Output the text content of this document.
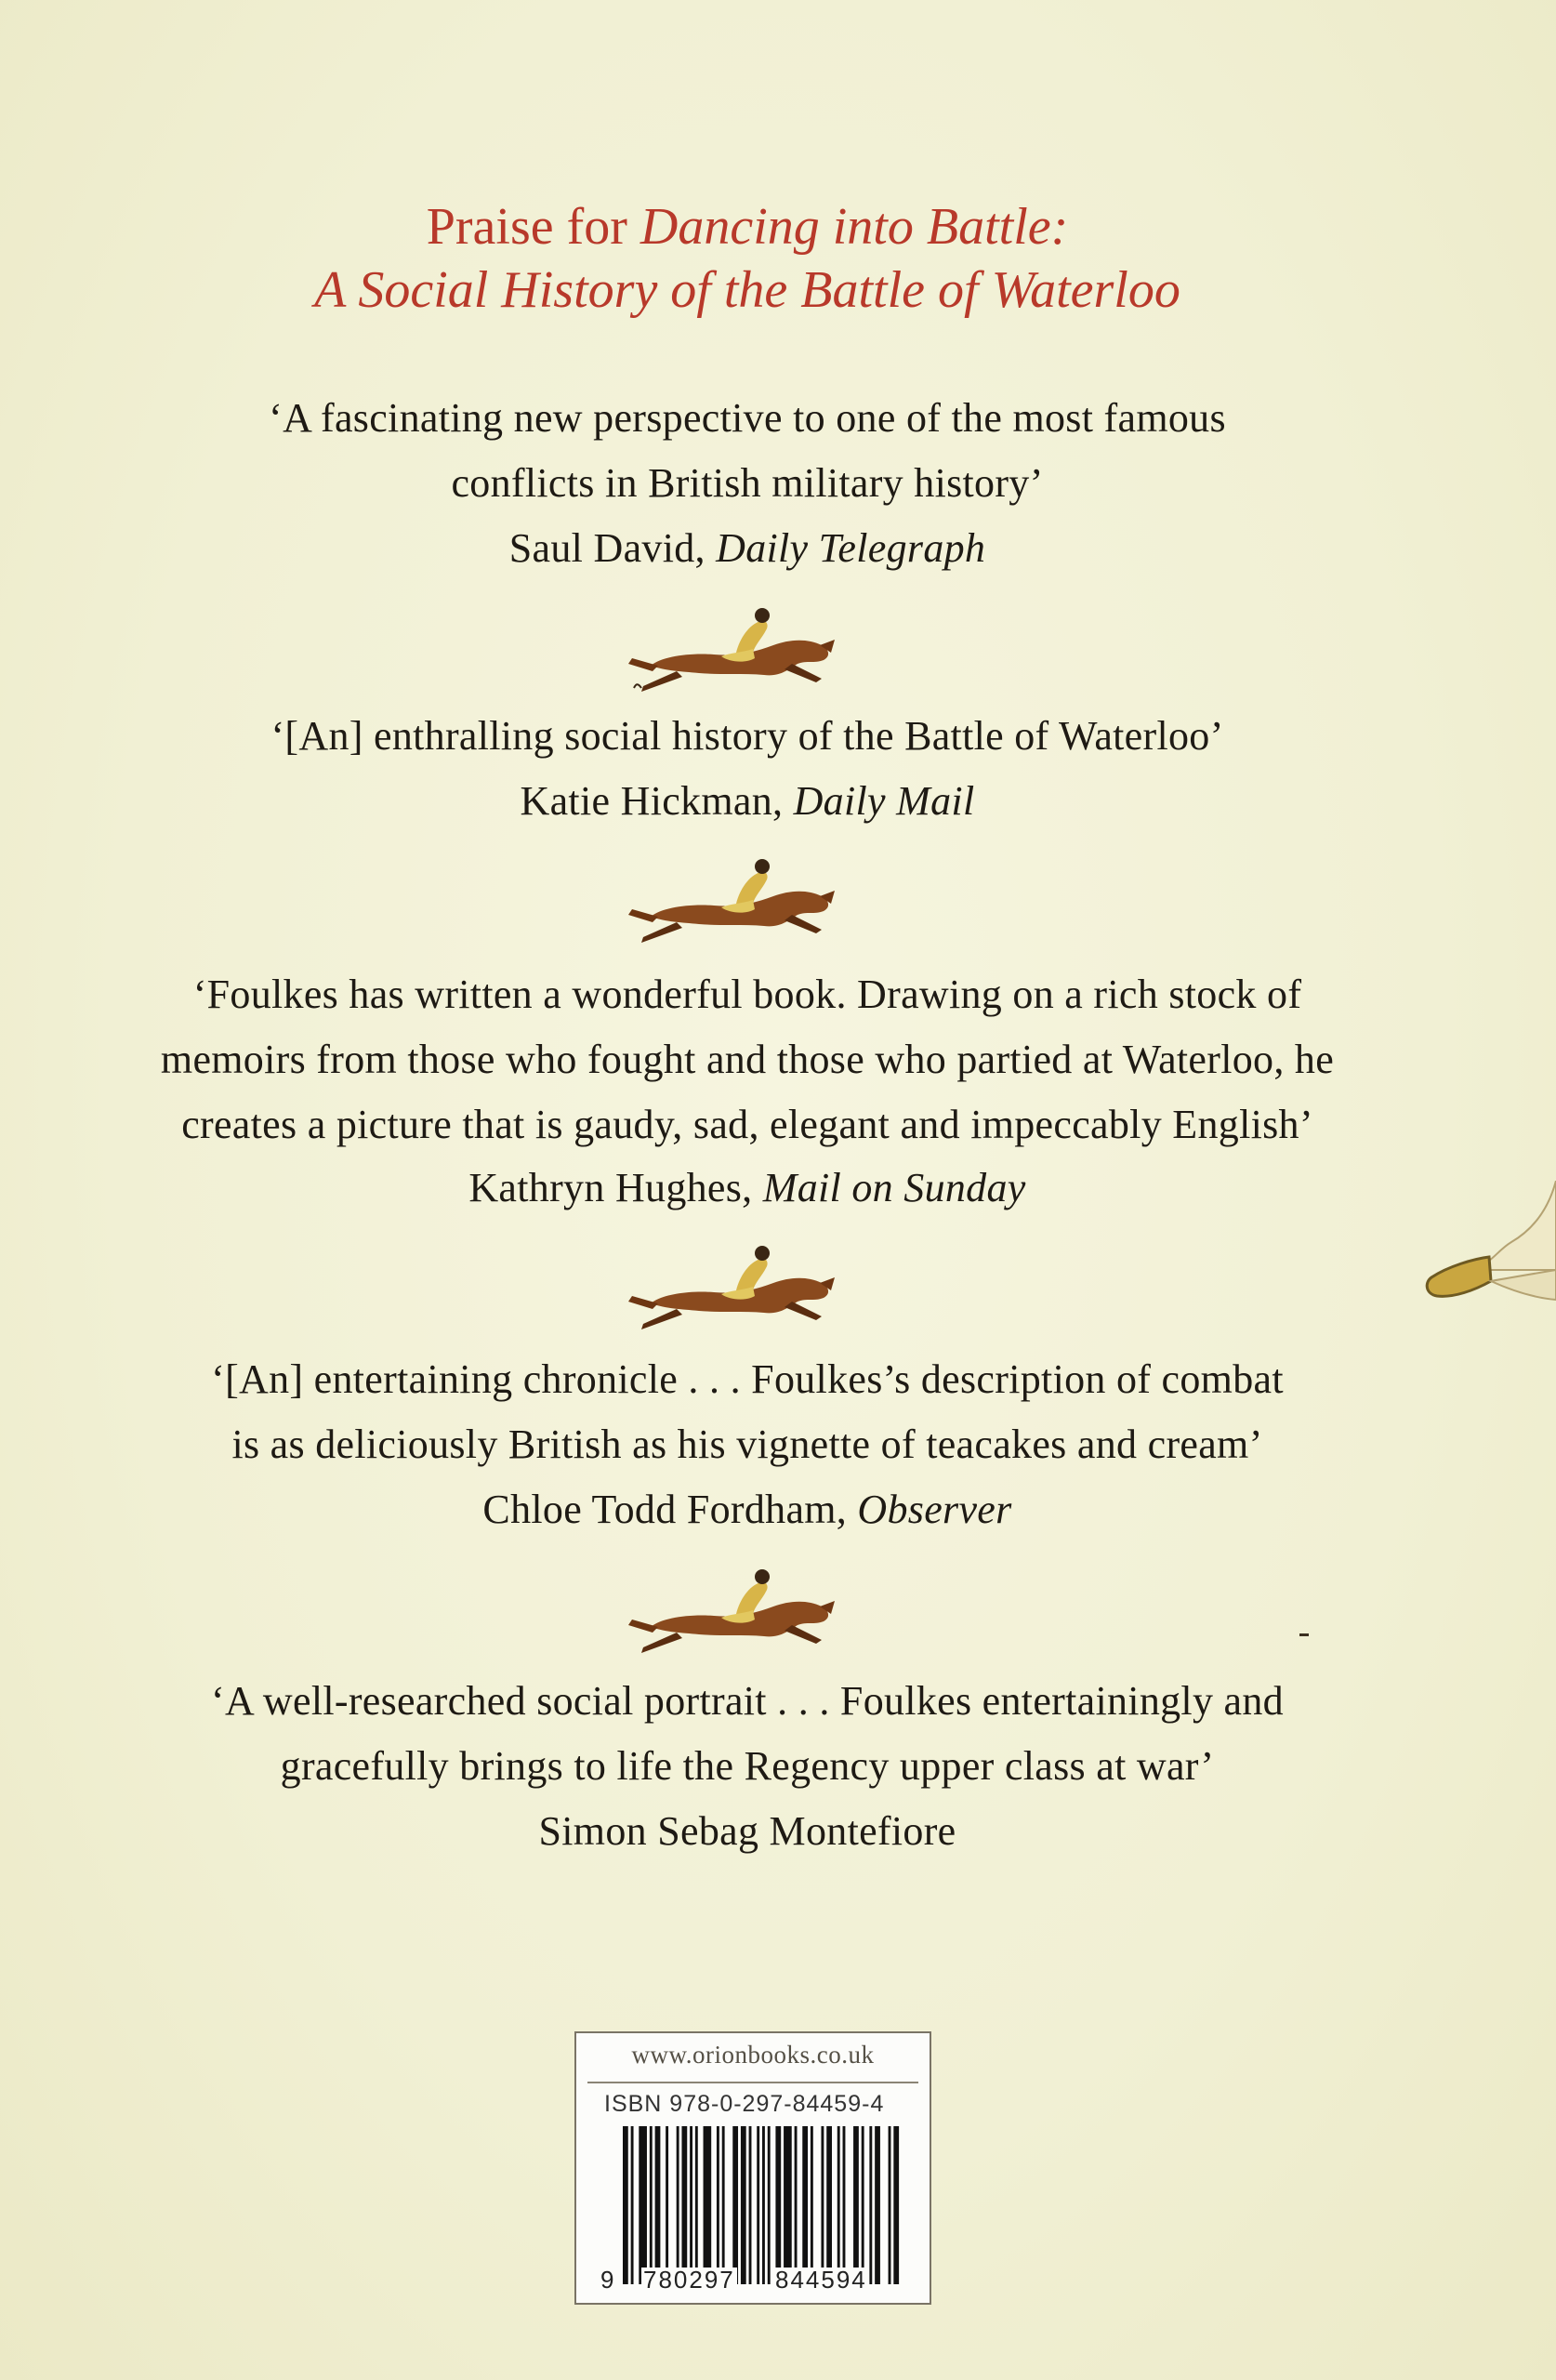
Praise for Dancing into Battle:
A Social History of the Battle of Waterloo
‘A fascinating new perspective to one of the most famous
conflicts in British military history’
Saul David, Daily Telegraph
‘[An] enthralling social history of the Battle of Waterloo’
Katie Hickman, Daily Mail
‘Foulkes has written a wonderful book. Drawing on a rich stock of
memoirs from those who fought and those who partied at Waterloo, he
creates a picture that is gaudy, sad, elegant and impeccably English’
Kathryn Hughes, Mail on Sunday
‘[An] entertaining chronicle . . . Foulkes’s description of combat
is as deliciously British as his vignette of teacakes and cream’
Chloe Todd Fordham, Observer
‘A well-researched social portrait . . . Foulkes entertainingly and
gracefully brings to life the Regency upper class at war’
Simon Sebag Montefiore
www.orionbooks.co.uk
ISBN 978-0-297-84459-4
9 780297 844594
